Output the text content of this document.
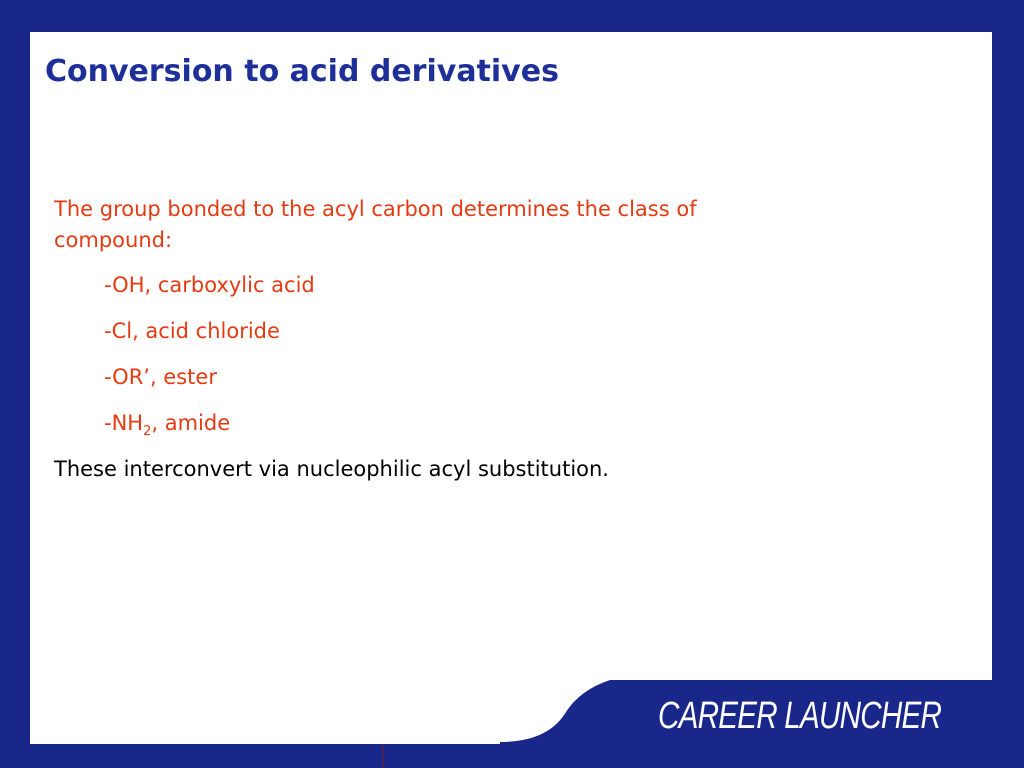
Conversion to acid derivatives

The group bonded to the acyl carbon determines the class of compound:

-OH, carboxylic acid

-Cl, acid chloride

-OR’, ester

$-NH_2$, amide

These interconvert via nucleophilic acyl substitution.

CAREER LAUNCHER
